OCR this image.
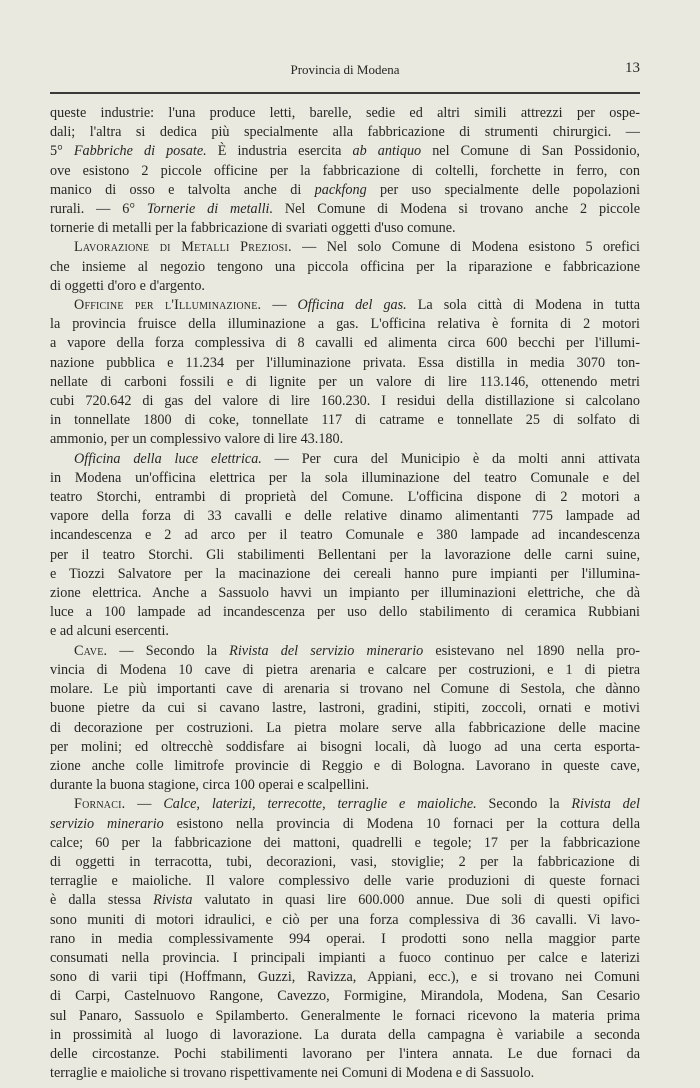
Provincia di Modena	13
queste industrie: l'una produce letti, barelle, sedie ed altri simili attrezzi per ospe-
dali; l'altra si dedica più specialmente alla fabbricazione di strumenti chirurgici. —
5° Fabbriche di posate. È industria esercita ab antiquo nel Comune di San Possidonio,
ove esistono 2 piccole officine per la fabbricazione di coltelli, forchette in ferro, con
manico di osso e talvolta anche di packfong per uso specialmente delle popolazioni
rurali. — 6° Tornerie di metalli. Nel Comune di Modena si trovano anche 2 piccole
tornerie di metalli per la fabbricazione di svariati oggetti d'uso comune.
Lavorazione di Metalli Preziosi. — Nel solo Comune di Modena esistono 5 orefici
che insieme al negozio tengono una piccola officina per la riparazione e fabbricazione
di oggetti d'oro e d'argento.
Officine per l'Illuminazione. — Officina del gas. La sola città di Modena in tutta
la provincia fruisce della illuminazione a gas. L'officina relativa è fornita di 2 motori
a vapore della forza complessiva di 8 cavalli ed alimenta circa 600 becchi per l'illumi-
nazione pubblica e 11.234 per l'illuminazione privata. Essa distilla in media 3070 ton-
nellate di carboni fossili e di lignite per un valore di lire 113.146, ottenendo metri
cubi 720.642 di gas del valore di lire 160.230. I residui della distillazione si calcolano
in tonnellate 1800 di coke, tonnellate 117 di catrame e tonnellate 25 di solfato di
ammonio, per un complessivo valore di lire 43.180.
Officina della luce elettrica. — Per cura del Municipio è da molti anni attivata
in Modena un'officina elettrica per la sola illuminazione del teatro Comunale e del
teatro Storchi, entrambi di proprietà del Comune. L'officina dispone di 2 motori a
vapore della forza di 33 cavalli e delle relative dinamo alimentanti 775 lampade ad
incandescenza e 2 ad arco per il teatro Comunale e 380 lampade ad incandescenza
per il teatro Storchi. Gli stabilimenti Bellentani per la lavorazione delle carni suine,
e Tiozzi Salvatore per la macinazione dei cereali hanno pure impianti per l'illumina-
zione elettrica. Anche a Sassuolo havvi un impianto per illuminazioni elettriche, che dà
luce a 100 lampade ad incandescenza per uso dello stabilimento di ceramica Rubbiani
e ad alcuni esercenti.
Cave. — Secondo la Rivista del servizio minerario esistevano nel 1890 nella pro-
vincia di Modena 10 cave di pietra arenaria e calcare per costruzioni, e 1 di pietra
molare. Le più importanti cave di arenaria si trovano nel Comune di Sestola, che dànno
buone pietre da cui si cavano lastre, lastroni, gradini, stipiti, zoccoli, ornati e motivi
di decorazione per costruzioni. La pietra molare serve alla fabbricazione delle macine
per molini; ed oltrecchè soddisfare ai bisogni locali, dà luogo ad una certa esporta-
zione anche colle limitrofe provincie di Reggio e di Bologna. Lavorano in queste cave,
durante la buona stagione, circa 100 operai e scalpellini.
Fornaci. — Calce, laterizi, terrecotte, terraglie e maioliche. Secondo la Rivista del
servizio minerario esistono nella provincia di Modena 10 fornaci per la cottura della
calce; 60 per la fabbricazione dei mattoni, quadrelli e tegole; 17 per la fabbricazione
di oggetti in terracotta, tubi, decorazioni, vasi, stoviglie; 2 per la fabbricazione di
terraglie e maioliche. Il valore complessivo delle varie produzioni di queste fornaci
è dalla stessa Rivista valutato in quasi lire 600.000 annue. Due soli di questi opifici
sono muniti di motori idraulici, e ciò per una forza complessiva di 36 cavalli. Vi lavo-
rano in media complessivamente 994 operai. I prodotti sono nella maggior parte
consumati nella provincia. I principali impianti a fuoco continuo per calce e laterizi
sono di varii tipi (Hoffmann, Guzzi, Ravizza, Appiani, ecc.), e si trovano nei Comuni
di Carpi, Castelnuovo Rangone, Cavezzo, Formigine, Mirandola, Modena, San Cesario
sul Panaro, Sassuolo e Spilamberto. Generalmente le fornaci ricevono la materia prima
in prossimità al luogo di lavorazione. La durata della campagna è variabile a seconda
delle circostanze. Pochi stabilimenti lavorano per l'intera annata. Le due fornaci da
terraglie e maioliche si trovano rispettivamente nei Comuni di Modena e di Sassuolo.
